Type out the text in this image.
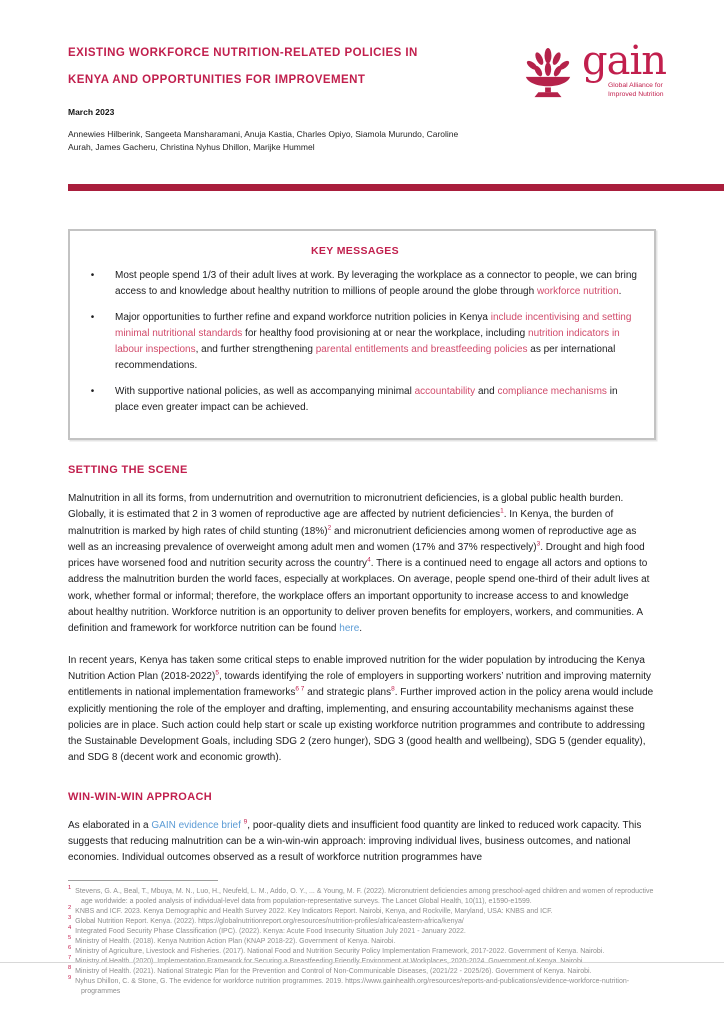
EXISTING WORKFORCE NUTRITION-RELATED POLICIES IN
KENYA AND OPPORTUNITIES FOR IMPROVEMENT
March 2023
Annewies Hilberink, Sangeeta Mansharamani, Anuja Kastia, Charles Opiyo, Siamola Murundo, Caroline Aurah, James Gacheru, Christina Nyhus Dhillon, Marijke Hummel
gain
Global Alliance for
Improved Nutrition
KEY MESSAGES
•	Most people spend 1/3 of their adult lives at work. By leveraging the workplace as a connector to people, we can bring access to and knowledge about healthy nutrition to millions of people around the globe through workforce nutrition.
•	Major opportunities to further refine and expand workforce nutrition policies in Kenya include incentivising and setting minimal nutritional standards for healthy food provisioning at or near the workplace, including nutrition indicators in labour inspections, and further strengthening parental entitlements and breastfeeding policies as per international recommendations.
•	With supportive national policies, as well as accompanying minimal accountability and compliance mechanisms in place even greater impact can be achieved.
SETTING THE SCENE

Malnutrition in all its forms, from undernutrition and overnutrition to micronutrient deficiencies, is a global public health burden. Globally, it is estimated that 2 in 3 women of reproductive age are affected by nutrient deficiencies$^1$. In Kenya, the burden of malnutrition is marked by high rates of child stunting (18%)$^2$ and micronutrient deficiencies among women of reproductive age as well as an increasing prevalence of overweight among adult men and women (17% and 37% respectively)$^3$. Drought and high food prices have worsened food and nutrition security across the country$^4$. There is a continued need to engage all actors and options to address the malnutrition burden the world faces, especially at workplaces. On average, people spend one-third of their adult lives at work, whether formal or informal; therefore, the workplace offers an important opportunity to increase access to and knowledge about healthy nutrition. Workforce nutrition is an opportunity to deliver proven benefits for employers, workers, and communities. A definition and framework for workforce nutrition can be found here.

In recent years, Kenya has taken some critical steps to enable improved nutrition for the wider population by introducing the Kenya Nutrition Action Plan (2018-2022)$^5$, towards identifying the role of employers in supporting workers’ nutrition and improving maternity entitlements in national implementation frameworks$^{6 7}$ and strategic plans$^8$. Further improved action in the policy arena would include explicitly mentioning the role of the employer and drafting, implementing, and ensuring accountability mechanisms against these policies are in place. Such action could help start or scale up existing workforce nutrition programmes and contribute to addressing the Sustainable Development Goals, including SDG 2 (zero hunger), SDG 3 (good health and wellbeing), SDG 5 (gender equality), and SDG 8 (decent work and economic growth).

WIN-WIN-WIN APPROACH

As elaborated in a GAIN evidence brief $^9$, poor-quality diets and insufficient food quantity are linked to reduced work capacity. This suggests that reducing malnutrition can be a win-win-win approach: improving individual lives, business outcomes, and national economies. Individual outcomes observed as a result of workforce nutrition programmes have

$^1$ Stevens, G. A., Beal, T., Mbuya, M. N., Luo, H., Neufeld, L. M., Addo, O. Y., ... & Young, M. F. (2022). Micronutrient deficiencies among preschool-aged children and women of reproductive age worldwide: a pooled analysis of individual-level data from population-representative surveys. The Lancet Global Health, 10(11), e1590-e1599.
$^2$ KNBS and ICF. 2023. Kenya Demographic and Health Survey 2022. Key Indicators Report. Nairobi, Kenya, and Rockville, Maryland, USA: KNBS and ICF.
$^3$ Global Nutrition Report. Kenya. (2022). https://globalnutritionreport.org/resources/nutrition-profiles/africa/eastern-africa/kenya/
$^4$ Integrated Food Security Phase Classification (IPC). (2022). Kenya: Acute Food Insecurity Situation July 2021 - January 2022.
$^5$ Ministry of Health. (2018). Kenya Nutrition Action Plan (KNAP 2018-22). Government of Kenya. Nairobi.
$^6$ Ministry of Agriculture, Livestock and Fisheries. (2017). National Food and Nutrition Security Policy Implementation Framework, 2017-2022. Government of Kenya. Nairobi.
$^7$ Ministry of Health. (2020). Implementation Framework for Securing a Breastfeeding Friendly Environment at Workplaces, 2020-2024. Government of Kenya. Nairobi.
$^8$ Ministry of Health. (2021). National Strategic Plan for the Prevention and Control of Non-Communicable Diseases, (2021/22 - 2025/26). Government of Kenya. Nairobi.
$^9$ Nyhus Dhillon, C. & Stone, G. The evidence for workforce nutrition programmes. 2019. https://www.gainhealth.org/resources/reports-and-publications/evidence-workforce-nutrition-programmes
